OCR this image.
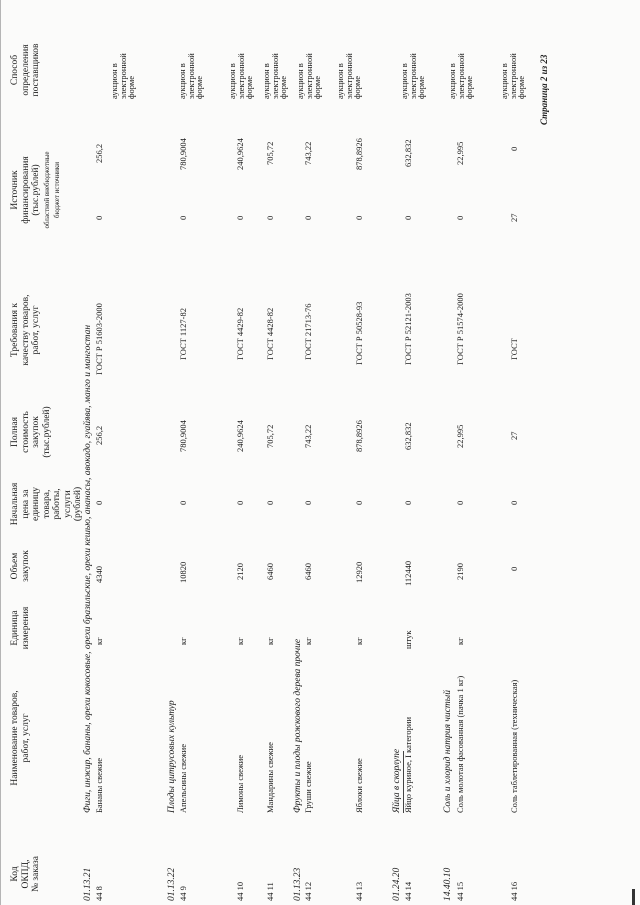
Код ОКПД, № заказа
Наименование товаров, работ, услуг
Единица измерения
Объем закупок
Начальная цена за единицу товара, работы, услуги (рублей)
Полная стоимость закупок (тыс.рублей)
Требования к качеству товаров, работ, услуг
Источник финансирования (тыс.рублей) областной внебюджетные бюджет источники
Способ определения поставщиков
01.13.21
Фиги, инжир, бананы, орехи кокосовые, орехи бразильские, орехи кешью, ананасы, авокадо, гуайява, манго и мангостан
01.13.22
Плоды цитрусовых культур
01.13.23
Фрукты и плоды рожкового дерева прочие
01.24.20
Яйца в скорлупе
14.40.10
Соль и хлорид натрия чистый
44 8
Бананы свежие
кг
4340
0
256,2
ГОСТ Р 51603-2000
0
256,2
аукцион в
электронной
форме
44 9
Апельсины свежие
кг
10820
0
780,9004
ГОСТ 1127-82
0
780,9004
аукцион в
электронной
форме
44 10
Лимоны свежие
кг
2120
0
240,9624
ГОСТ 4429-82
0
240,9624
аукцион в
электронной
форме
44 11
Мандарины свежие
кг
6460
0
705,72
ГОСТ 4428-82
0
705,72
аукцион в
электронной
форме
44 12
Груши свежие
кг
6460
0
743,22
ГОСТ 21713-76
0
743,22
аукцион в
электронной
форме
44 13
Яблоки свежие
кг
12920
0
878,8926
ГОСТ Р 50528-93
0
878,8926
аукцион в
электронной
форме
44 14
Яйцо куриное, I категории
штук
112440
0
632,832
ГОСТ Р 52121-2003
0
632,832
аукцион в
электронной
форме
44 15
Соль молотая фасованная (пачка 1 кг)
кг
2190
0
22,995
ГОСТ Р 51574-2000
0
22,995
аукцион в
электронной
форме
44 16
Соль таблетированная (техническая)
0
0
27
ГОСТ
27
0
аукцион в
электронной
форме Страница 2 из 23
